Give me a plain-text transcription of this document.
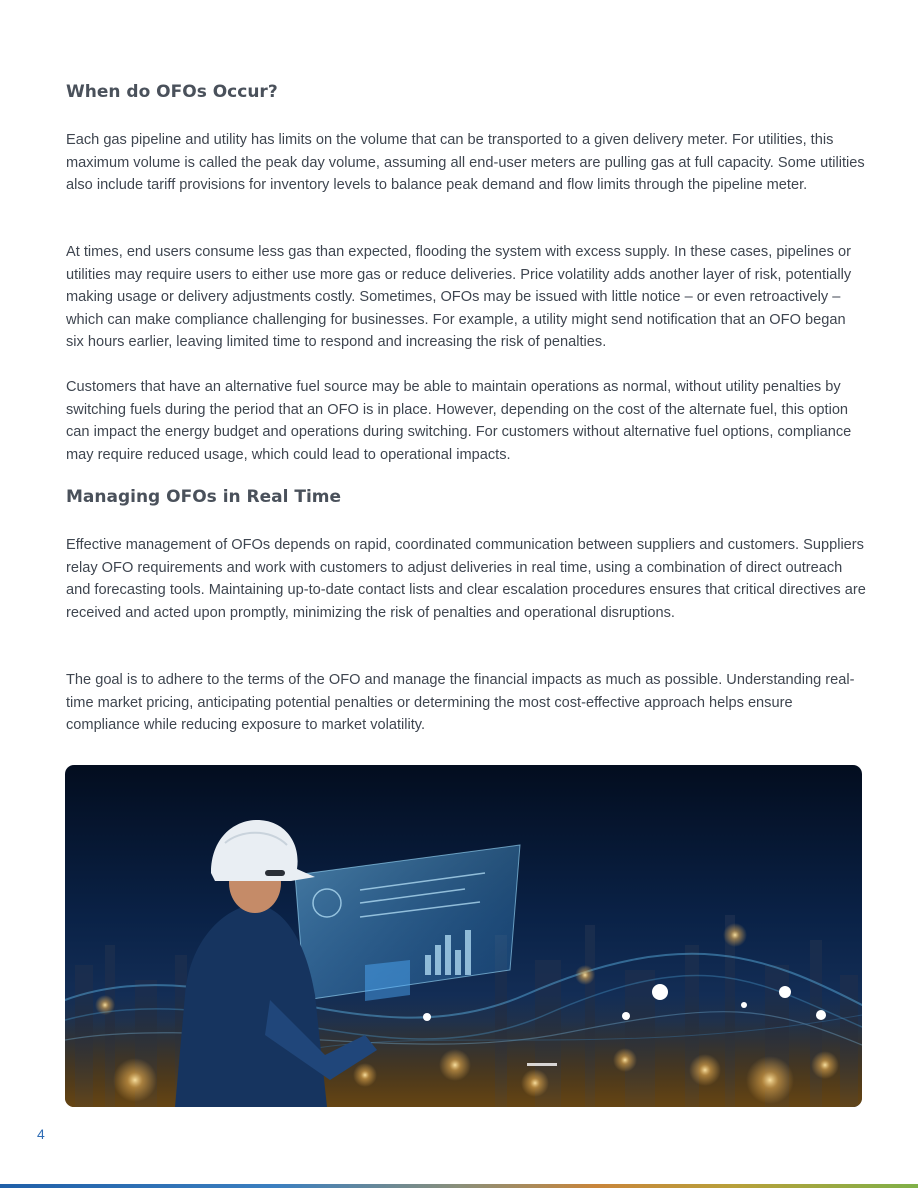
When do OFOs Occur?

Each gas pipeline and utility has limits on the volume that can be transported to a given delivery meter. For utilities, this maximum volume is called the peak day volume, assuming all end-user meters are pulling gas at full capacity. Some utilities also include tariff provisions for inventory levels to balance peak demand and flow limits through the pipeline meter.

At times, end users consume less gas than expected, flooding the system with excess supply. In these cases, pipelines or utilities may require users to either use more gas or reduce deliveries. Price volatility adds another layer of risk, potentially making usage or delivery adjustments costly. Sometimes, OFOs may be issued with little notice – or even retroactively – which can make compliance challenging for businesses. For example, a utility might send notification that an OFO began six hours earlier, leaving limited time to respond and increasing the risk of penalties.

Customers that have an alternative fuel source may be able to maintain operations as normal, without utility penalties by switching fuels during the period that an OFO is in place. However, depending on the cost of the alternate fuel, this option can impact the energy budget and operations during switching. For customers without alternative fuel options, compliance may require reduced usage, which could lead to operational impacts.

Managing OFOs in Real Time

Effective management of OFOs depends on rapid, coordinated communication between suppliers and customers. Suppliers relay OFO requirements and work with customers to adjust deliveries in real time, using a combination of direct outreach and forecasting tools. Maintaining up-to-date contact lists and clear escalation procedures ensures that critical directives are received and acted upon promptly, minimizing the risk of penalties and operational disruptions.

The goal is to adhere to the terms of the OFO and manage the financial impacts as much as possible. Understanding real-time market pricing, anticipating potential penalties or determining the most cost-effective approach helps ensure compliance while reducing exposure to market volatility.

4
